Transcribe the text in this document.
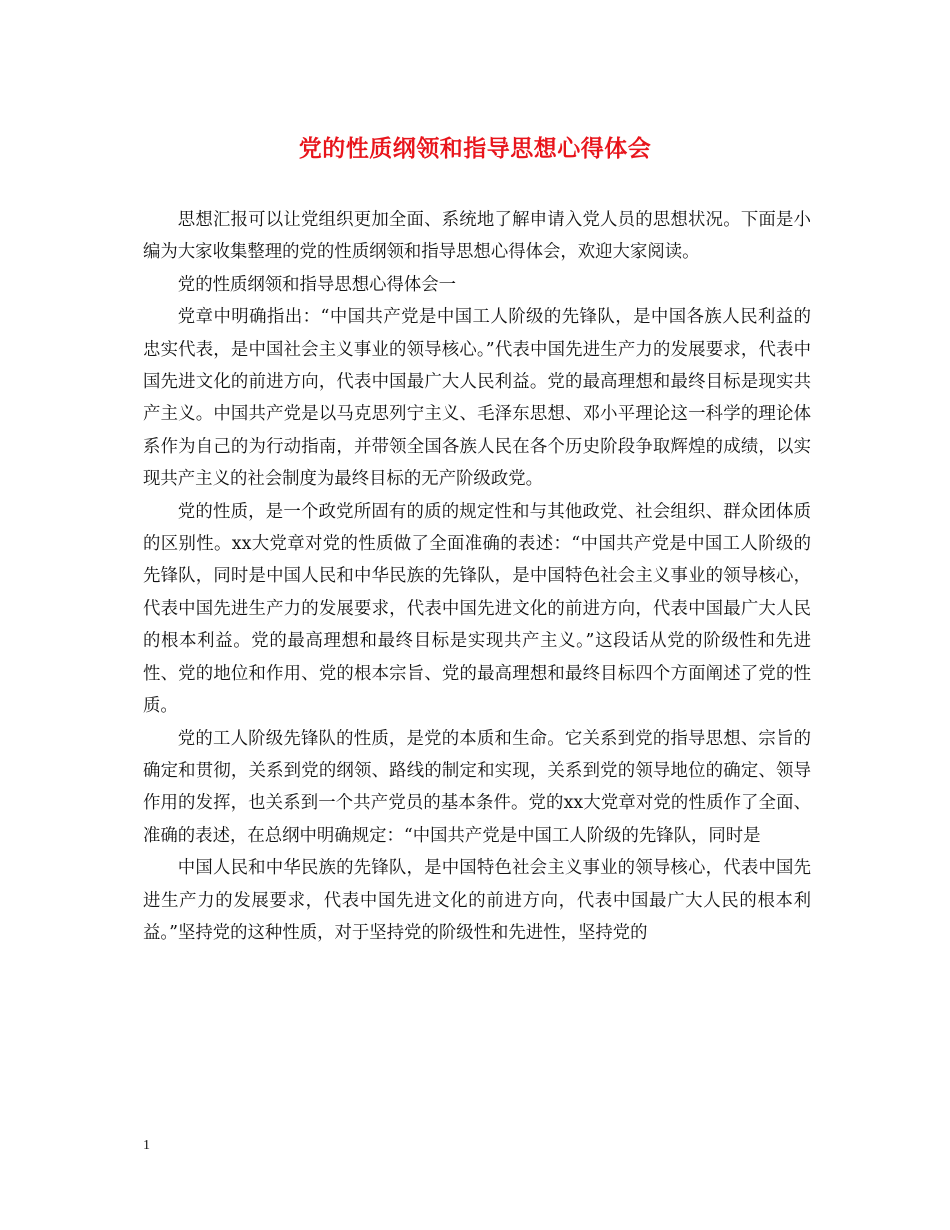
党的性质纲领和指导思想心得体会

思想汇报可以让党组织更加全面、系统地了解申请入党人员的思想状况。下面是小编为大家收集整理的党的性质纲领和指导思想心得体会，欢迎大家阅读。

党的性质纲领和指导思想心得体会一

党章中明确指出：“中国共产党是中国工人阶级的先锋队，是中国各族人民利益的忠实代表，是中国社会主义事业的领导核心。”代表中国先进生产力的发展要求，代表中国先进文化的前进方向，代表中国最广大人民利益。党的最高理想和最终目标是现实共产主义。中国共产党是以马克思列宁主义、毛泽东思想、邓小平理论这一科学的理论体系作为自己的为行动指南，并带领全国各族人民在各个历史阶段争取辉煌的成绩，以实现共产主义的社会制度为最终目标的无产阶级政党。

党的性质，是一个政党所固有的质的规定性和与其他政党、社会组织、群众团体质的区别性。xx大党章对党的性质做了全面准确的表述：“中国共产党是中国工人阶级的先锋队，同时是中国人民和中华民族的先锋队，是中国特色社会主义事业的领导核心，代表中国先进生产力的发展要求，代表中国先进文化的前进方向，代表中国最广大人民的根本利益。党的最高理想和最终目标是实现共产主义。”这段话从党的阶级性和先进性、党的地位和作用、党的根本宗旨、党的最高理想和最终目标四个方面阐述了党的性质。

党的工人阶级先锋队的性质，是党的本质和生命。它关系到党的指导思想、宗旨的确定和贯彻，关系到党的纲领、路线的制定和实现，关系到党的领导地位的确定、领导作用的发挥，也关系到一个共产党员的基本条件。党的xx大党章对党的性质作了全面、准确的表述，在总纲中明确规定：“中国共产党是中国工人阶级的先锋队，同时是

中国人民和中华民族的先锋队，是中国特色社会主义事业的领导核心，代表中国先进生产力的发展要求，代表中国先进文化的前进方向，代表中国最广大人民的根本利益。”坚持党的这种性质，对于坚持党的阶级性和先进性，坚持党的

1
